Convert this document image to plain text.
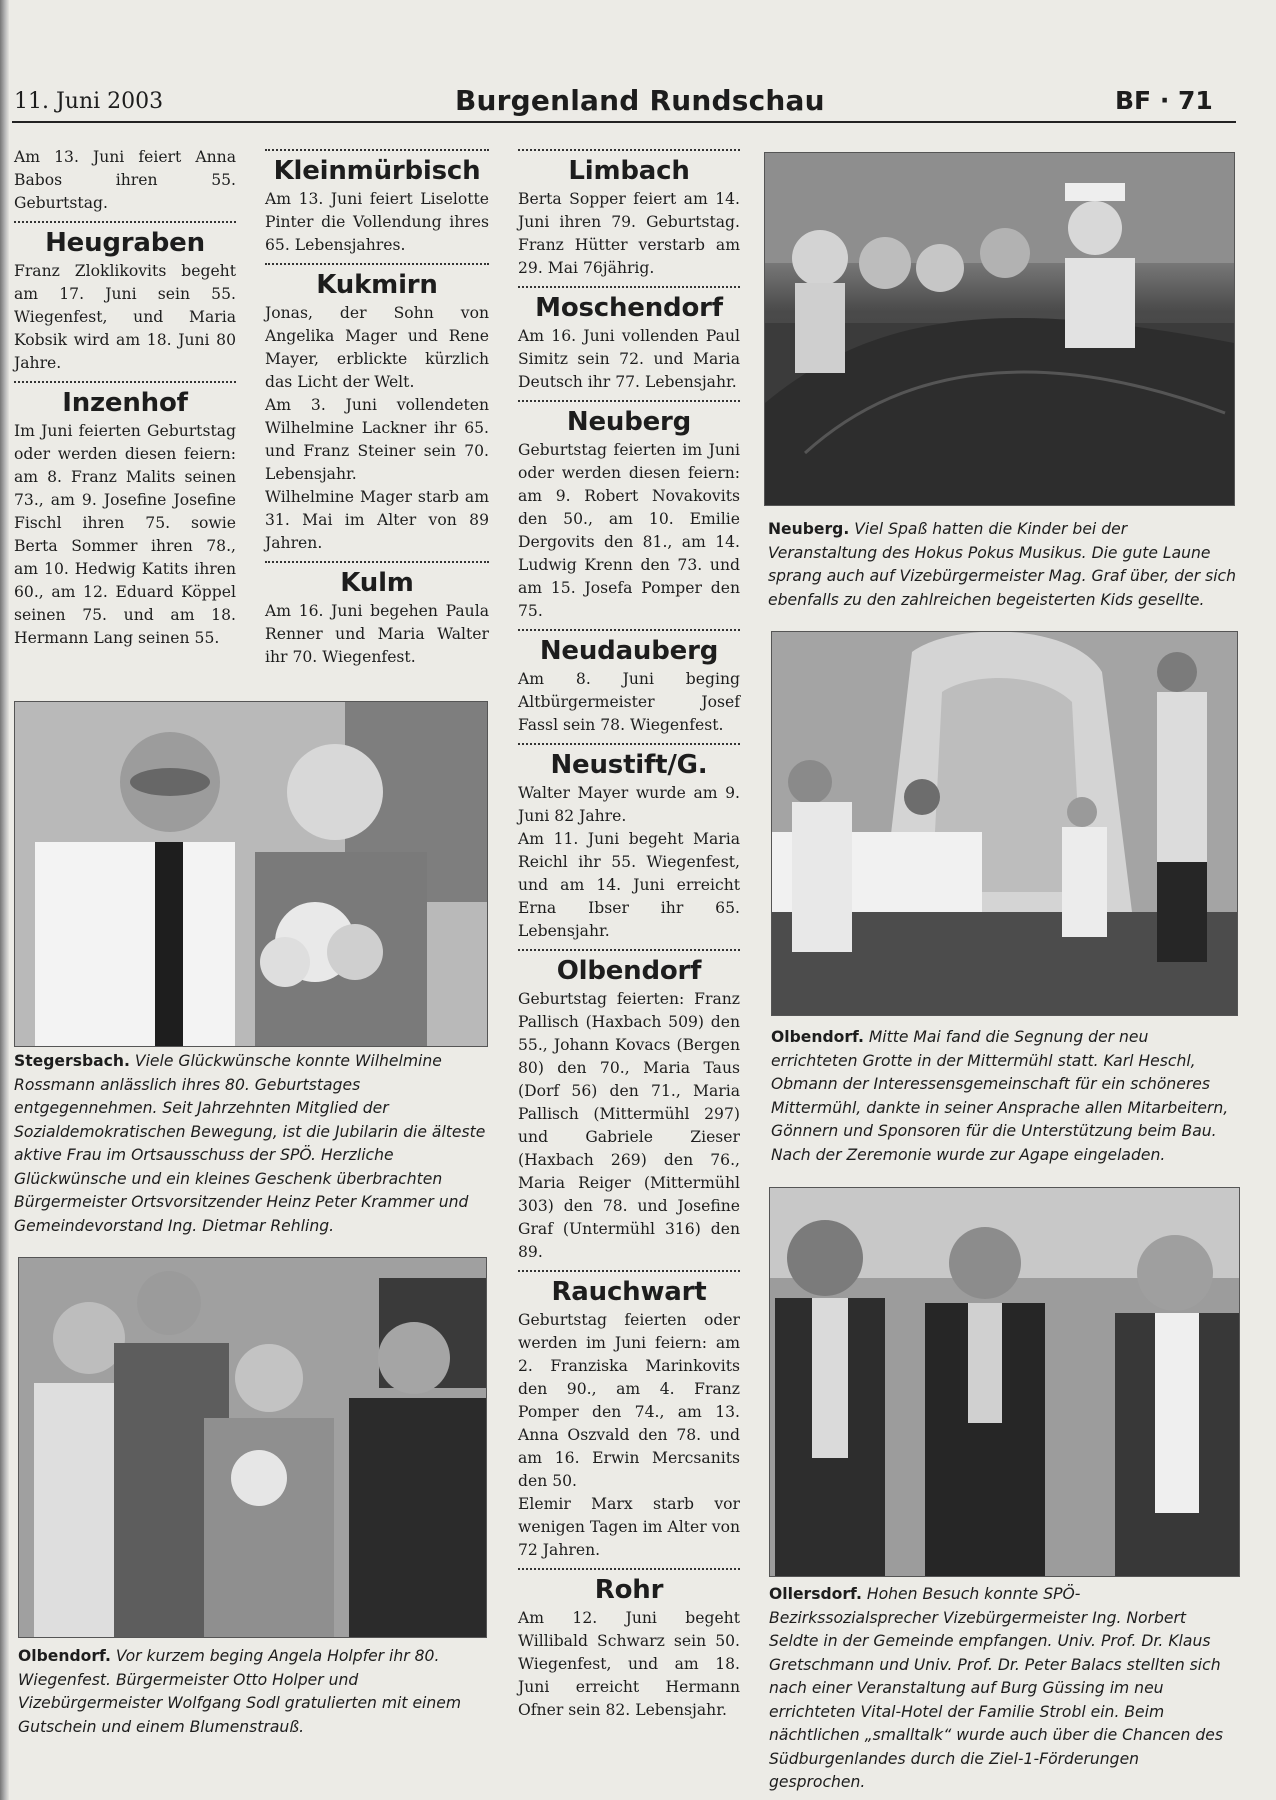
11. Juni 2003	Burgenland Rundschau	BF · 71

Am 13. Juni feiert Anna Babos ihren 55. Geburtstag.

Heugraben

Franz Zloklikovits begeht am 17. Juni sein 55. Wiegenfest, und Maria Kobsik wird am 18. Juni 80 Jahre.

Inzenhof

Im Juni feierten Geburtstag oder werden diesen feiern: am 8. Franz Malits seinen 73., am 9. Josefine Josefine Fischl ihren 75. sowie Berta Sommer ihren 78., am 10. Hedwig Katits ihren 60., am 12. Eduard Köppel seinen 75. und am 18. Hermann Lang seinen 55.

Kleinmürbisch

Am 13. Juni feiert Liselotte Pinter die Vollendung ihres 65. Lebensjahres.

Kukmirn

Jonas, der Sohn von Angelika Mager und Rene Mayer, erblickte kürzlich das Licht der Welt.

Am 3. Juni vollendeten Wilhelmine Lackner ihr 65. und Franz Steiner sein 70. Lebensjahr.

Wilhelmine Mager starb am 31. Mai im Alter von 89 Jahren.

Kulm

Am 16. Juni begehen Paula Renner und Maria Walter ihr 70. Wiegenfest.

Limbach

Berta Sopper feiert am 14. Juni ihren 79. Geburtstag. Franz Hütter verstarb am 29. Mai 76jährig.

Moschendorf

Am 16. Juni vollenden Paul Simitz sein 72. und Maria Deutsch ihr 77. Lebensjahr.

Neuberg

Geburtstag feierten im Juni oder werden diesen feiern: am 9. Robert Novakovits den 50., am 10. Emilie Dergovits den 81., am 14. Ludwig Krenn den 73. und am 15. Josefa Pomper den 75.

Neudauberg

Am 8. Juni beging Altbürgermeister Josef Fassl sein 78. Wiegenfest.

Neustift/G.

Walter Mayer wurde am 9. Juni 82 Jahre.

Am 11. Juni begeht Maria Reichl ihr 55. Wiegenfest, und am 14. Juni erreicht Erna Ibser ihr 65. Lebensjahr.

Olbendorf

Geburtstag feierten: Franz Pallisch (Haxbach 509) den 55., Johann Kovacs (Bergen 80) den 70., Maria Taus (Dorf 56) den 71., Maria Pallisch (Mittermühl 297) und Gabriele Zieser (Haxbach 269) den 76., Maria Reiger (Mittermühl 303) den 78. und Josefine Graf (Untermühl 316) den 89.

Rauchwart

Geburtstag feierten oder werden im Juni feiern: am 2. Franziska Marinkovits den 90., am 4. Franz Pomper den 74., am 13. Anna Oszvald den 78. und am 16. Erwin Mercsanits den 50.

Elemir Marx starb vor wenigen Tagen im Alter von 72 Jahren.

Rohr

Am 12. Juni begeht Willibald Schwarz sein 50. Wiegenfest, und am 18. Juni erreicht Hermann Ofner sein 82. Lebensjahr.

Neuberg. Viel Spaß hatten die Kinder bei der Veranstaltung des Hokus Pokus Musikus. Die gute Laune sprang auch auf Vizebürgermeister Mag. Graf über, der sich ebenfalls zu den zahlreichen begeisterten Kids gesellte.
Olbendorf. Mitte Mai fand die Segnung der neu errichteten Grotte in der Mittermühl statt. Karl Heschl, Obmann der Interessensgemeinschaft für ein schöneres Mittermühl, dankte in seiner Ansprache allen Mitarbeitern, Gönnern und Sponsoren für die Unterstützung beim Bau. Nach der Zeremonie wurde zur Agape eingeladen.
Ollersdorf. Hohen Besuch konnte SPÖ-Bezirkssozialsprecher Vizebürgermeister Ing. Norbert Seldte in der Gemeinde empfangen. Univ. Prof. Dr. Klaus Gretschmann und Univ. Prof. Dr. Peter Balacs stellten sich nach einer Veranstaltung auf Burg Güssing im neu errichteten Vital-Hotel der Familie Strobl ein. Beim nächtlichen „smalltalk“ wurde auch über die Chancen des Südburgenlandes durch die Ziel-1-Förderungen gesprochen.
Stegersbach. Viele Glückwünsche konnte Wilhelmine Rossmann anlässlich ihres 80. Geburtstages entgegennehmen. Seit Jahrzehnten Mitglied der Sozialdemokratischen Bewegung, ist die Jubilarin die älteste aktive Frau im Ortsausschuss der SPÖ. Herzliche Glückwünsche und ein kleines Geschenk überbrachten Bürgermeister Ortsvorsitzender Heinz Peter Krammer und Gemeindevorstand Ing. Dietmar Rehling.
Olbendorf. Vor kurzem beging Angela Holpfer ihr 80. Wiegenfest. Bürgermeister Otto Holper und Vizebürgermeister Wolfgang Sodl gratulierten mit einem Gutschein und einem Blumenstrauß.
